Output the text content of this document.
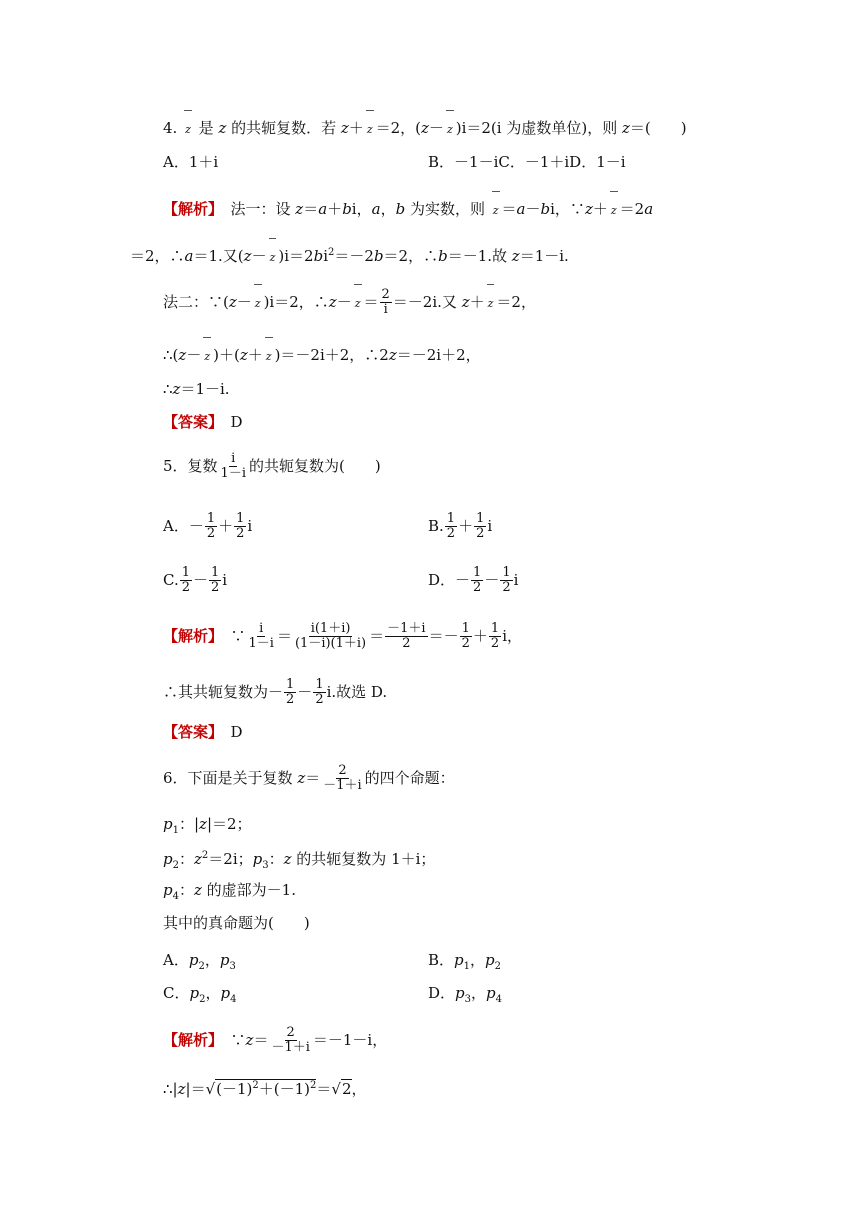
4. z 是 z 的共轭复数．若 z＋ z ＝2，(z－ z )i＝2(i 为虚数单位)，则 z＝(　　)
A．1＋i	B．－1－iC．－1＋iD．1－i
【解析】　法一：设 z＝a＋bi，a，b 为实数，则 z ＝a－bi，∵z＋ z ＝2a
＝2，∴a＝1.又(z－ z )$i=2bi^2=-2b=2$，∴b＝－1.故 z＝1－i.
法二：∵(z－ z )i＝2，∴z－ $z = \frac{2}{i} =-2i$.又 z＋ z ＝2，
∴(z－ z )＋(z＋ z )＝－2i＋2，∴2z＝－2i＋2，
∴z＝1－i.
【答案】　 D
5．复数 $\frac{i}{1-i}$ 的共轭复数为(　　)
A．－ $\frac{1}{2} + \frac{1}{2}$ i	B. $\frac{1}{2} + \frac{1}{2}$ i
C. $\frac{1}{2} - \frac{1}{2}$ i	D．－ $\frac{1}{2} - \frac{1}{2}$ i
【解析】　∵ $\frac{i}{1-i} = \frac{i(1+i)}{(1-i)(1+i)} = \frac{-1+i}{2} =- \frac{1}{2} + \frac{1}{2}$ i，
∴其共轭复数为－ $\frac{1}{2} - \frac{1}{2} i$.故选 D.
【答案】　 D
6．下面是关于复数 $z= \frac{2}{-1+i}$ 的四个命题：
$p_1$：|z|＝2；
$p_2$：$z^2=2i$；$p_3$：z 的共轭复数为 1＋i；
$p_4$：z 的虚部为－1.
其中的真命题为(　　)
A．$p_2$，$p_3$	B．$p_1$，$p_2$
C．$p_2$，$p_4$	D．$p_3$，$p_4$
【解析】　∵z＝ $\frac{2}{-1+i} =-1-i$，
$\therefore|z|=√(-1)^2+(-1)^2=√2$，
